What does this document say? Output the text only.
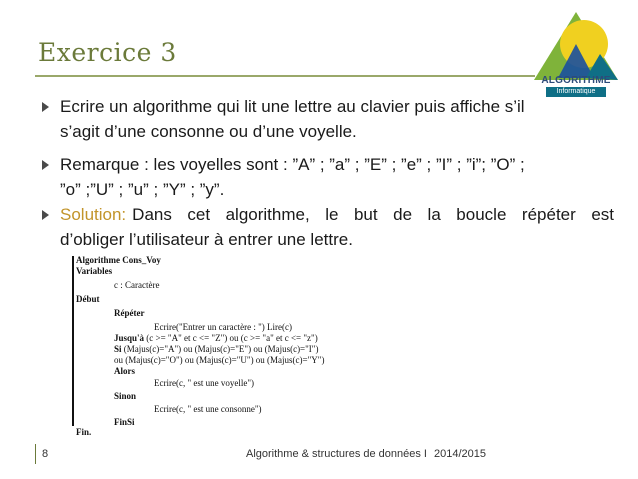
Exercice 3
ALGORITHME
Informatique
Ecrire un algorithme qui lit une lettre au clavier puis affiche s’il
s’agit d’une consonne ou d’une voyelle.
Remarque : les voyelles sont : ”A” ; ”a” ; ”E” ; ”e” ; ”I” ; ”i”; ”O” ;
”o” ;”U” ; ”u” ; ”Y” ; ”y”.
Solution: Dans cet algorithme, le but de la boucle répéter est
d’obliger l’utilisateur à entrer une lettre.
Algorithme Cons_Voy
Variables
c : Caractère
Début
Répéter
Ecrire("Entrer un caractère : ") Lire(c)
Jusqu'à (c >= "A" et c <= "Z") ou (c >= "a" et c <= "z")
Si (Majus(c)="A") ou (Majus(c)="E") ou (Majus(c)="I")
ou (Majus(c)="O") ou (Majus(c)="U") ou (Majus(c)="Y")
Alors
Ecrire(c, " est une voyelle")
Sinon
Ecrire(c, " est une consonne")
FinSi
Fin.
8	Algorithme & structures de données I 2014/2015
